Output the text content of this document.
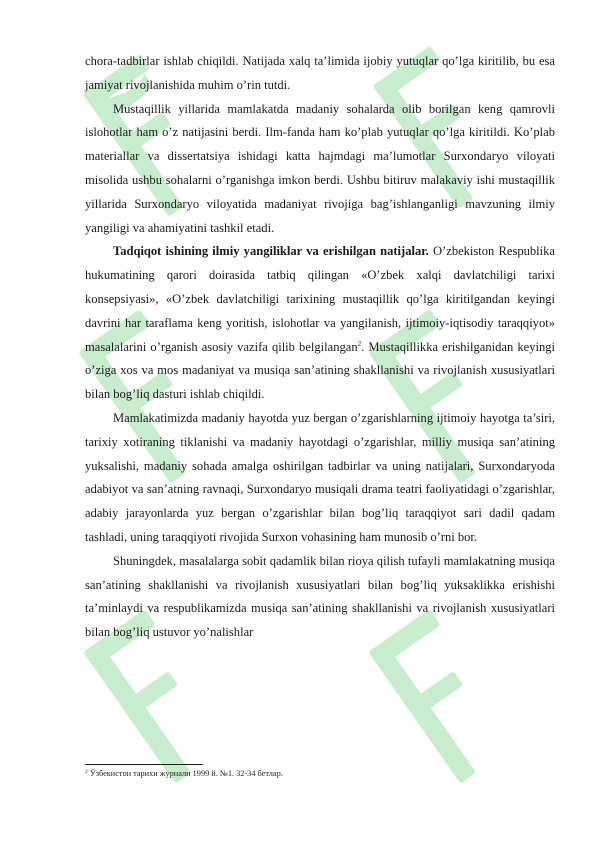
chora-tadbirlar ishlab chiqildi. Natijada xalq ta’limida ijobiy yutuqlar qo’lga kiritilib, bu esa jamiyat rivojlanishida muhim o’rin tutdi.

Mustaqillik yillarida mamlakatda madaniy sohalarda olib borilgan keng qamrovli islohotlar ham o’z natijasini berdi. Ilm-fanda ham ko’plab yutuqlar qo’lga kiritildi. Ko’plab materiallar va dissertatsiya ishidagi katta hajmdagi ma’lumotlar Surxondaryo viloyati misolida ushbu sohalarni o’rganishga imkon berdi. Ushbu bitiruv malakaviy ishi mustaqillik yillarida Surxondaryo viloyatida madaniyat rivojiga bag’ishlanganligi mavzuning ilmiy yangiligi va ahamiyatini tashkil etadi.

Tadqiqot ishining ilmiy yangiliklar va erishilgan natijalar. O’zbekiston Respublika hukumatining qarori doirasida tatbiq qilingan «O’zbek xalqi davlatchiligi tarixi konsepsiyasi», «O’zbek davlatchiligi tarixining mustaqillik qo’lga kiritilgandan keyingi davrini har taraflama keng yoritish, islohotlar va yangilanish, ijtimoiy-iqtisodiy taraqqiyot» masalalarini o’rganish asosiy vazifa qilib belgilangan$^2$. Mustaqillikka erishilganidan keyingi o’ziga xos va mos madaniyat va musiqa san’atining shakllanishi va rivojlanish xususiyatlari bilan bog’liq dasturi ishlab chiqildi.

Mamlakatimizda madaniy hayotda yuz bergan o’zgarishlarning ijtimoiy hayotga ta’siri, tarixiy xotiraning tiklanishi va madaniy hayotdagi o’zgarishlar, milliy musiqa san’atining yuksalishi, madaniy sohada amalga oshirilgan tadbirlar va uning natijalari, Surxondaryoda adabiyot va san’atning ravnaqi, Surxondaryo musiqali drama teatri faoliyatidagi o’zgarishlar, adabiy jarayonlarda yuz bergan o’zgarishlar bilan bog’liq taraqqiyot sari dadil qadam tashladi, uning taraqqiyoti rivojida Surxon vohasining ham munosib o’rni bor.

Shuningdek, masalalarga sobit qadamlik bilan rioya qilish tufayli mamlakatning musiqa san’atining shakllanishi va rivojlanish xususiyatlari bilan bog’liq yuksaklikka erishishi ta’minlaydi va respublikamizda musiqa san’atining shakllanishi va rivojlanish xususiyatlari bilan bog’liq ustuvor yo’nalishlar

$^2$ Ўзбекистон тарихи журнали 1999 й. №1. 32-34 бетлар.
